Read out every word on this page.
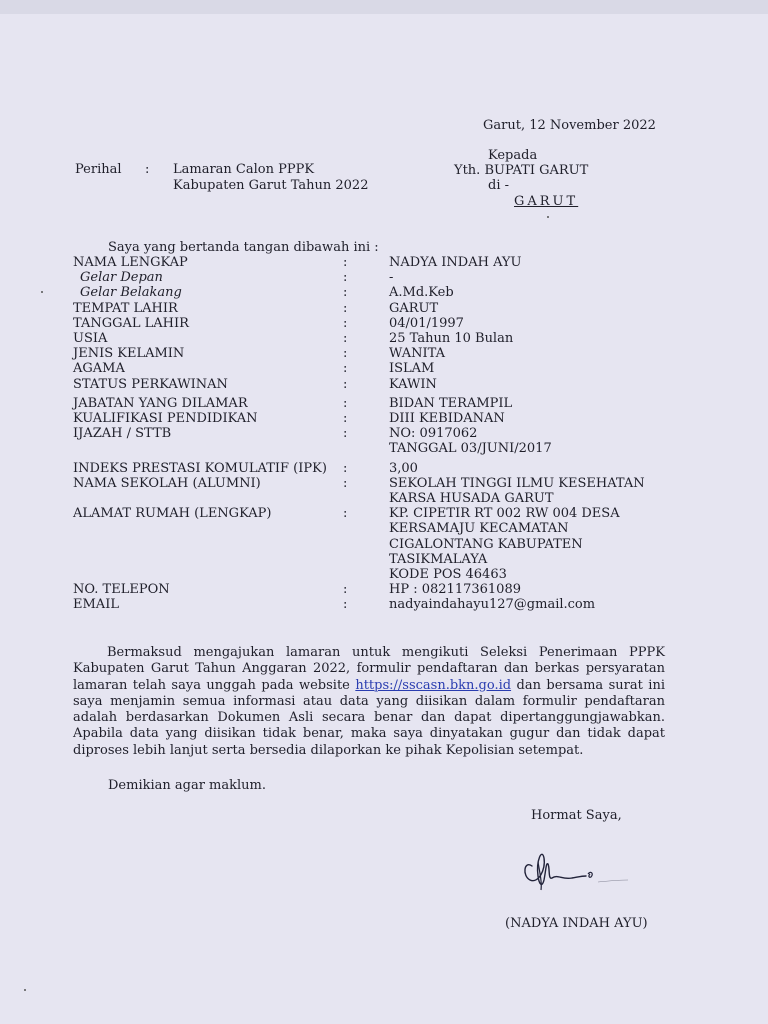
Garut, 12 November 2022
Perihal : Lamaran Calon PPPK
Kabupaten Garut Tahun 2022
Kepada
Yth. BUPATI GARUT
di -
GARUT
Saya yang bertanda tangan dibawah ini :
NAMA LENGKAP	:	NADYA INDAH AYU
Gelar Depan	:	-
Gelar Belakang	:	A.Md.Keb
TEMPAT LAHIR	:	GARUT
TANGGAL LAHIR	:	04/01/1997
USIA	:	25 Tahun 10 Bulan
JENIS KELAMIN	:	WANITA
AGAMA	:	ISLAM
STATUS PERKAWINAN	:	KAWIN
JABATAN YANG DILAMAR	:	BIDAN TERAMPIL
KUALIFIKASI PENDIDIKAN	:	DIII KEBIDANAN
IJAZAH / STTB	:	NO: 0917062
TANGGAL 03/JUNI/2017
INDEKS PRESTASI KOMULATIF (IPK) :	3,00
NAMA SEKOLAH (ALUMNI)	:	SEKOLAH TINGGI ILMU KESEHATAN
KARSA HUSADA GARUT
ALAMAT RUMAH (LENGKAP)	:	KP. CIPETIR RT 002 RW 004 DESA
KERSAMAJU KECAMATAN
CIGALONTANG KABUPATEN
TASIKMALAYA
KODE POS 46463
NO. TELEPON	:	HP : 082117361089
EMAIL	:	nadyaindahayu127@gmail.com

Bermaksud mengajukan lamaran untuk mengikuti Seleksi Penerimaan PPPK Kabupaten Garut Tahun Anggaran 2022, formulir pendaftaran dan berkas persyaratan lamaran telah saya unggah pada website https://sscasn.bkn.go.id dan bersama surat ini saya menjamin semua informasi atau data yang diisikan dalam formulir pendaftaran adalah berdasarkan Dokumen Asli secara benar dan dapat dipertanggungjawabkan. Apabila data yang diisikan tidak benar, maka saya dinyatakan gugur dan tidak dapat diproses lebih lanjut serta bersedia dilaporkan ke pihak Kepolisian setempat.

Demikian agar maklum.
Hormat Saya,
(NADYA INDAH AYU)
